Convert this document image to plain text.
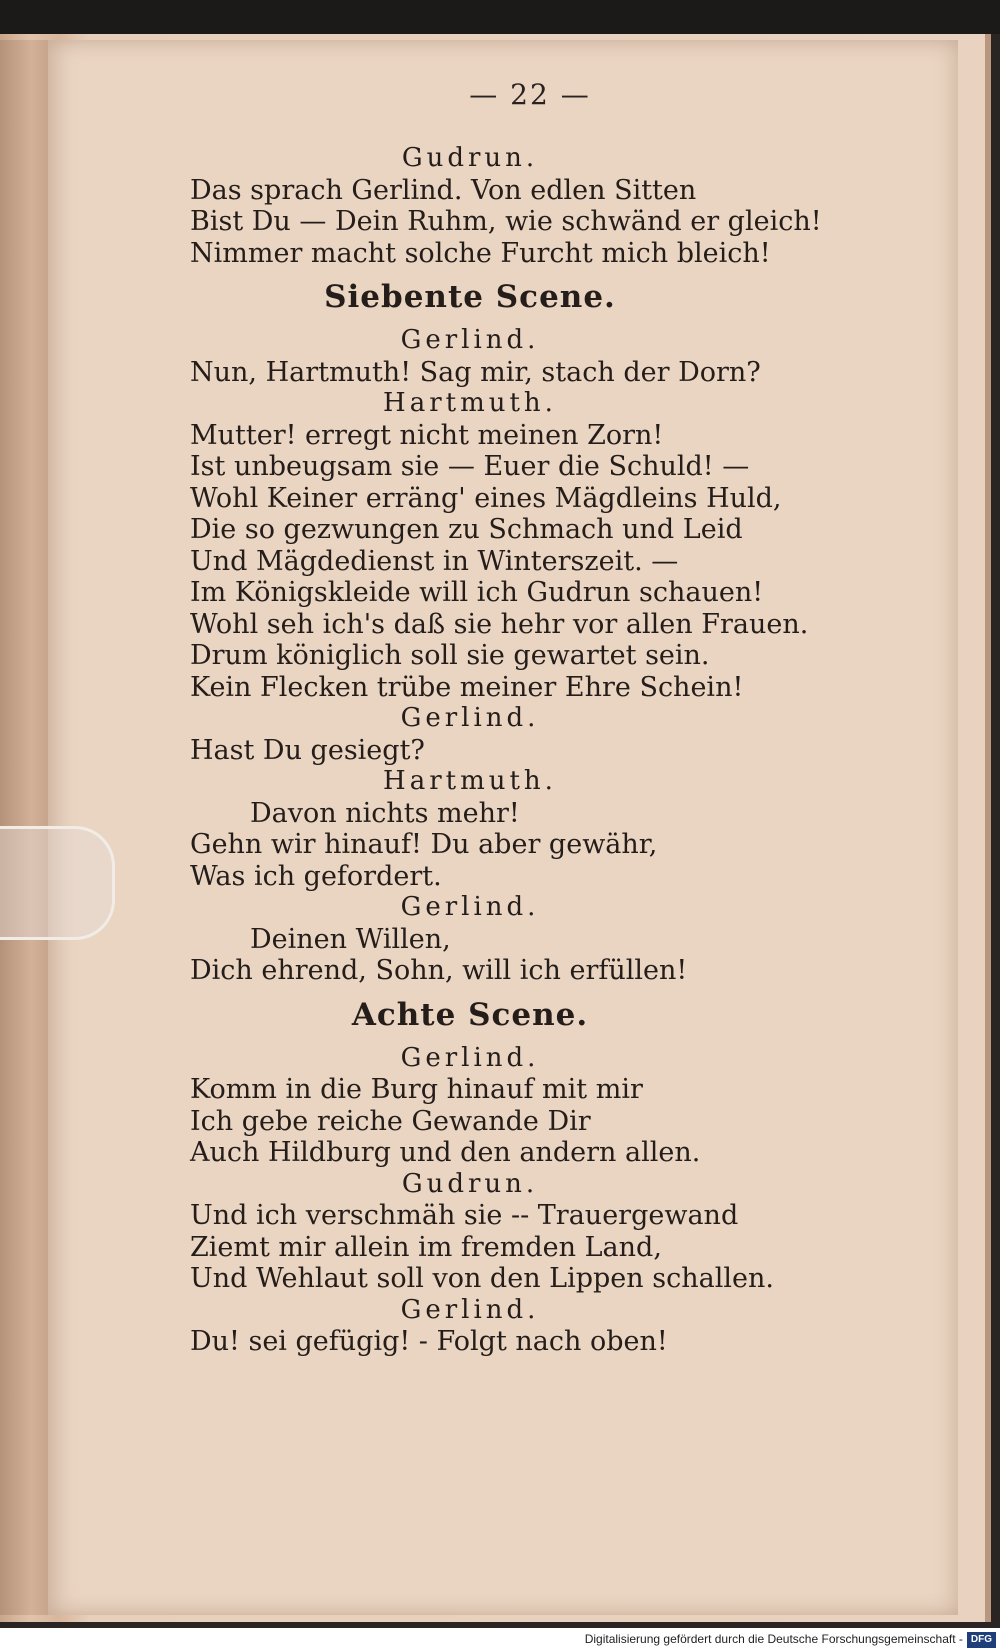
— 22 —
Gudrun.
Das sprach Gerlind. Von edlen Sitten
Bist Du — Dein Ruhm, wie schwänd er gleich!
Nimmer macht solche Furcht mich bleich!
Siebente Scene.
Gerlind.
Nun, Hartmuth! Sag mir, stach der Dorn?
Hartmuth.
Mutter! erregt nicht meinen Zorn!
Ist unbeugsam sie — Euer die Schuld! —
Wohl Keiner erräng' eines Mägdleins Huld,
Die so gezwungen zu Schmach und Leid
Und Mägdedienst in Winterszeit. —
Im Königskleide will ich Gudrun schauen!
Wohl seh ich's daß sie hehr vor allen Frauen.
Drum königlich soll sie gewartet sein.
Kein Flecken trübe meiner Ehre Schein!
Gerlind.
Hast Du gesiegt?
Hartmuth.
Davon nichts mehr!
Gehn wir hinauf! Du aber gewähr,
Was ich gefordert.
Gerlind.
Deinen Willen,
Dich ehrend, Sohn, will ich erfüllen!
Achte Scene.
Gerlind.
Komm in die Burg hinauf mit mir
Ich gebe reiche Gewande Dir
Auch Hildburg und den andern allen.
Gudrun.
Und ich verschmäh sie -- Trauergewand
Ziemt mir allein im fremden Land,
Und Wehlaut soll von den Lippen schallen.
Gerlind.
Du! sei gefügig! - Folgt nach oben!
Digitalisierung gefördert durch die Deutsche Forschungsgemeinschaft - DFG
